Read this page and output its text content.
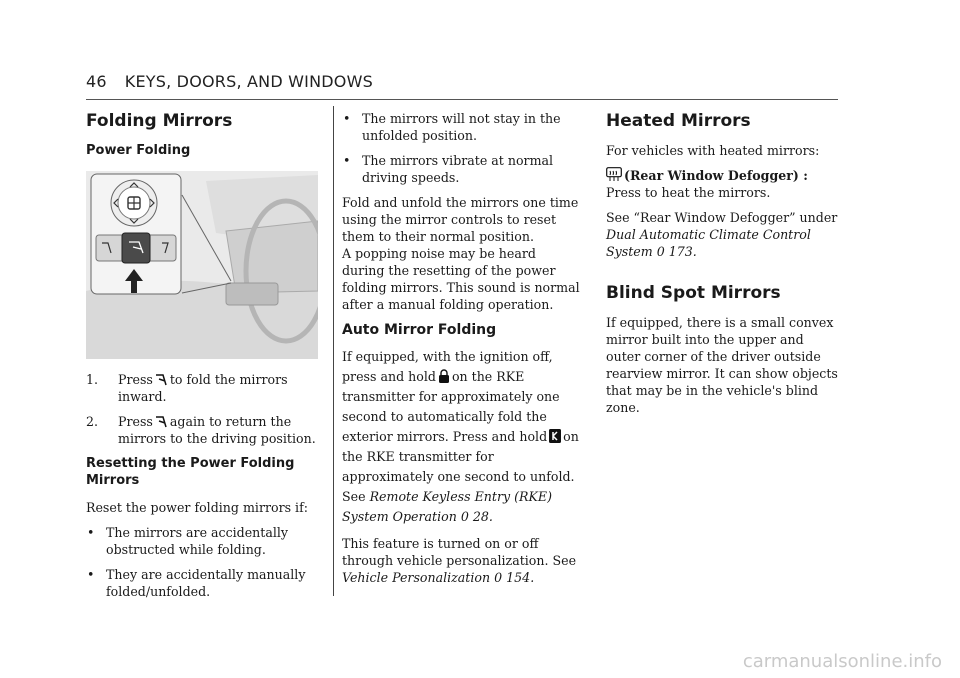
46 KEYS, DOORS, AND WINDOWS
Folding Mirrors
Power Folding
1. Press to fold the mirrors inward.
2. Press again to return the mirrors to the driving position.
Resetting the Power Folding Mirrors

Reset the power folding mirrors if:

• The mirrors are accidentally obstructed while folding.
• They are accidentally manually folded/unfolded.
• The mirrors will not stay in the unfolded position.
• The mirrors vibrate at normal driving speeds.

Fold and unfold the mirrors one time using the mirror controls to reset them to their normal position.

A popping noise may be heard during the resetting of the power folding mirrors. This sound is normal after a manual folding operation.

Auto Mirror Folding

If equipped, with the ignition off, press and hold on the RKE transmitter for approximately one second to automatically fold the exterior mirrors. Press and hold on the RKE transmitter for approximately one second to unfold. See Remote Keyless Entry (RKE) System Operation 0 28.

This feature is turned on or off through vehicle personalization. See Vehicle Personalization 0 154.

Heated Mirrors

For vehicles with heated mirrors:

(Rear Window Defogger) : Press to heat the mirrors.

See “Rear Window Defogger” under Dual Automatic Climate Control System 0 173.

Blind Spot Mirrors

If equipped, there is a small convex mirror built into the upper and outer corner of the driver outside rearview mirror. It can show objects that may be in the vehicle's blind zone.

carmanualsonline.info
